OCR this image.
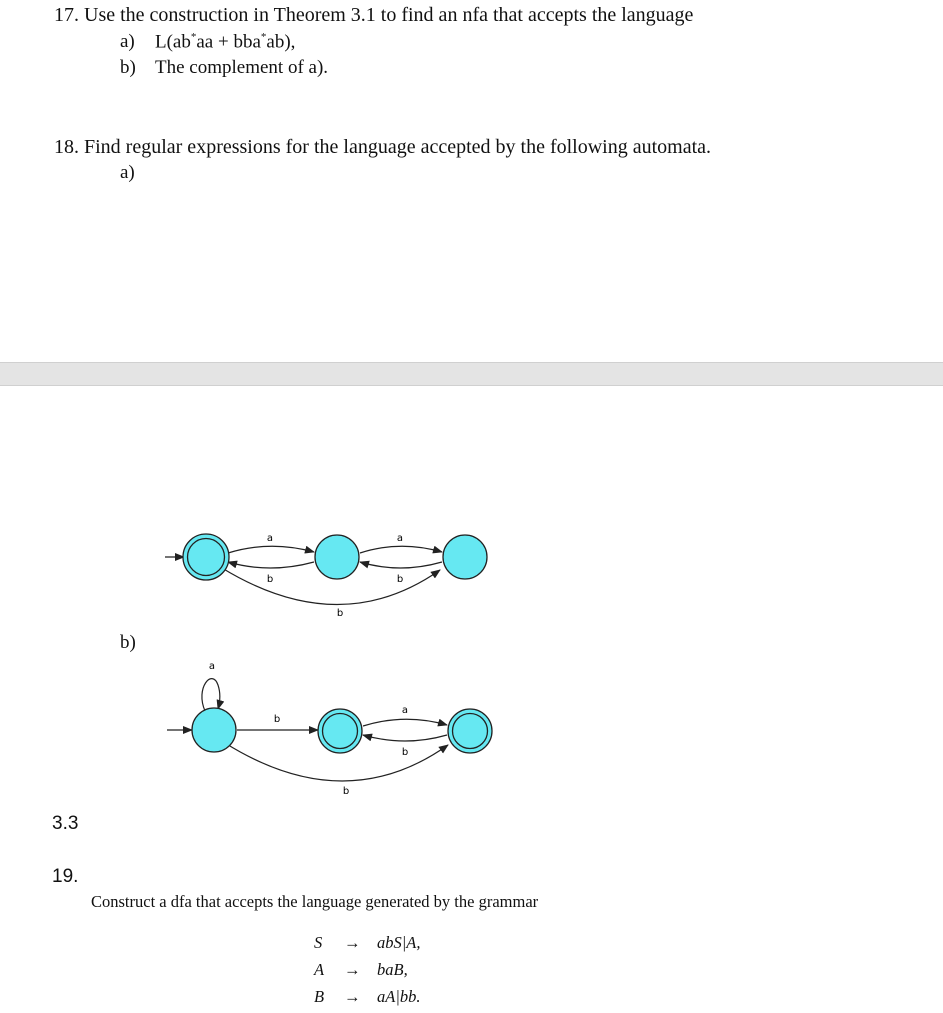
17. Use the construction in Theorem 3.1 to find an nfa that accepts the language
a) L(ab*aa + bba*ab),
b) The complement of a).
18. Find regular expressions for the language accepted by the following automata.
a)
a
b
a
b
b
a
b
a
b
b
b)
3.3
19.
Construct a dfa that accepts the language generated by the grammar
S → abS|A,
A → baB,
B → aA|bb.
